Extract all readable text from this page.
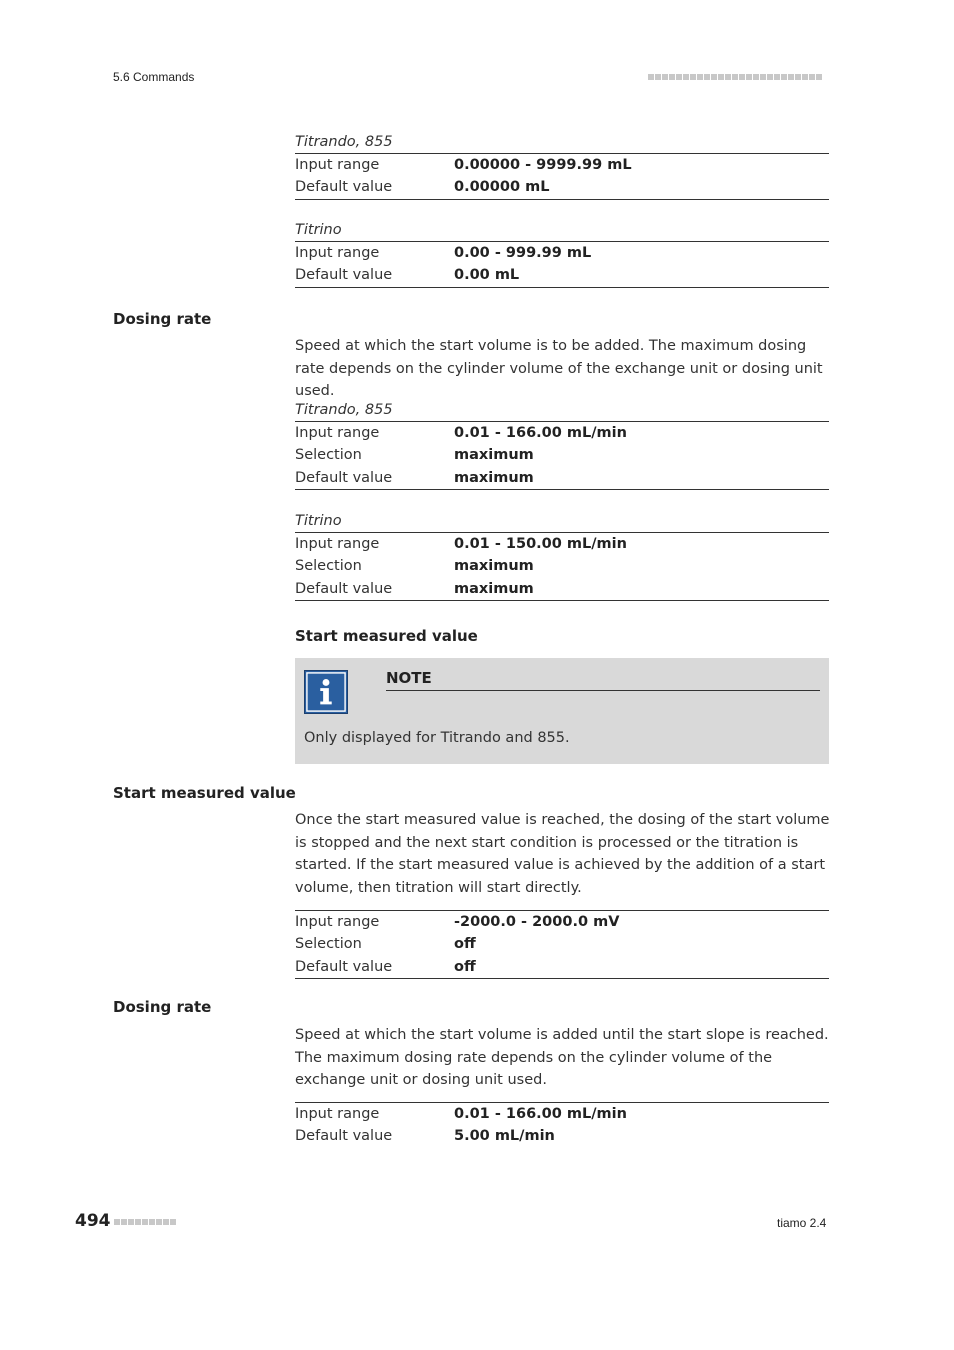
5.6 Commands
Titrando, 855
Input range	0.00000 - 9999.99 mL
Default value	0.00000 mL
Titrino
Input range	0.00 - 999.99 mL
Default value	0.00 mL
Dosing rate
Speed at which the start volume is to be added. The maximum dosing rate depends on the cylinder volume of the exchange unit or dosing unit used.
Titrando, 855
Input range	0.01 - 166.00 mL/min
Selection	maximum
Default value	maximum
Titrino
Input range	0.01 - 150.00 mL/min
Selection	maximum
Default value	maximum
Start measured value
NOTE
Only displayed for Titrando and 855.
Start measured value
Once the start measured value is reached, the dosing of the start volume is stopped and the next start condition is processed or the titration is started. If the start measured value is achieved by the addition of a start volume, then titration will start directly.
Input range	-2000.0 - 2000.0 mV
Selection	off
Default value	off
Dosing rate
Speed at which the start volume is added until the start slope is reached. The maximum dosing rate depends on the cylinder volume of the exchange unit or dosing unit used.
Input range	0.01 - 166.00 mL/min
Default value	5.00 mL/min
494	tiamo 2.4
